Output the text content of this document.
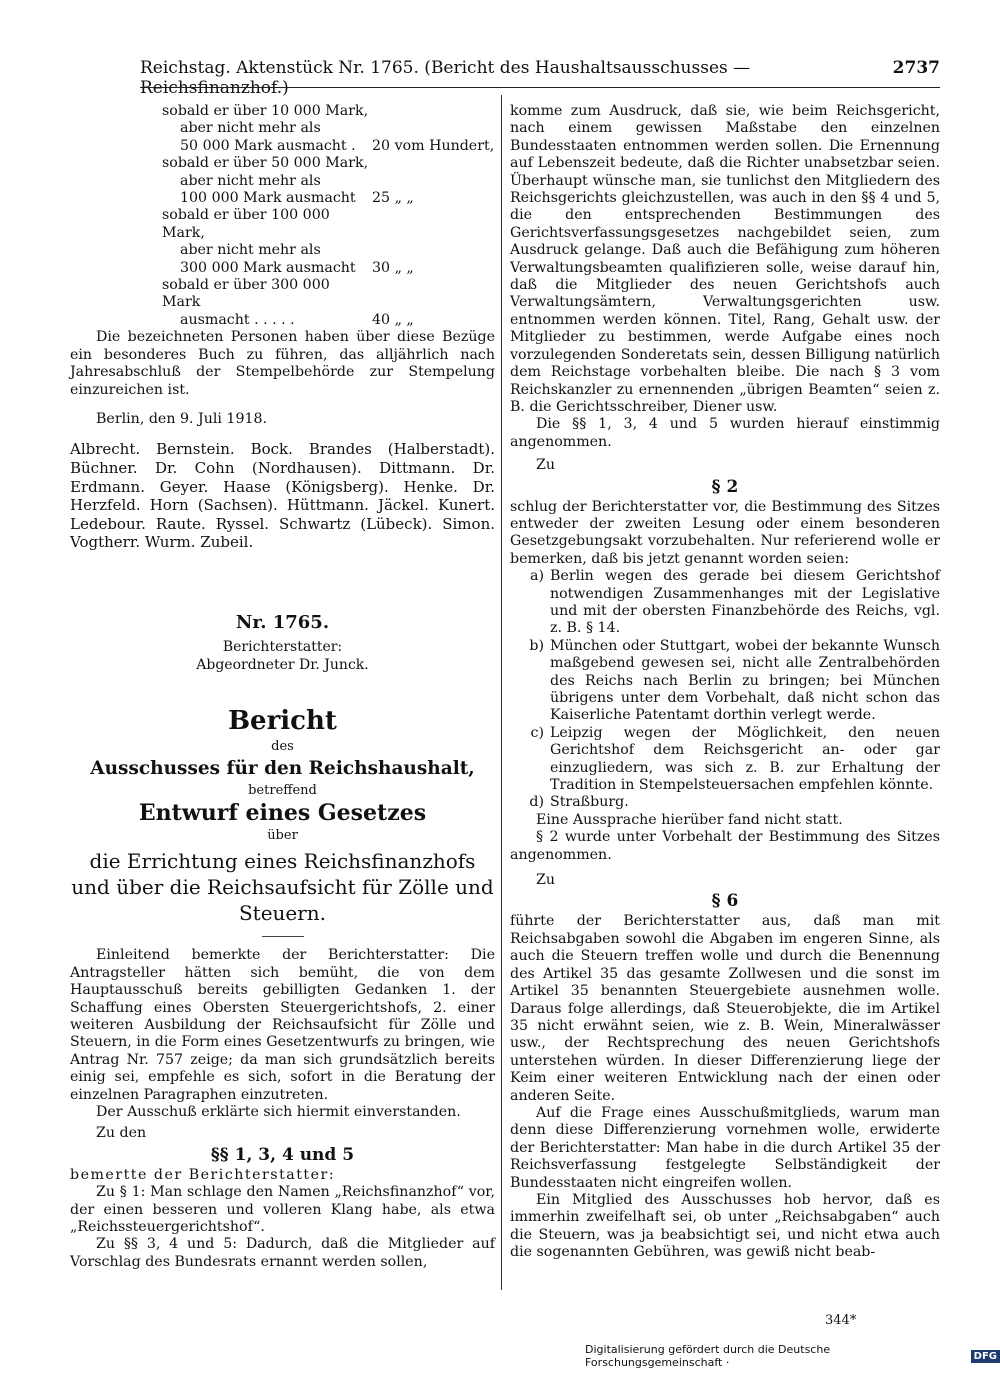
Reichstag. Aktenstück Nr. 1765. (Bericht des Haushaltsausschusses — Reichsfinanzhof.)
2737
sobald er über 10 000 Mark,
aber nicht mehr als
50 000 Mark ausmacht .	20 vom Hundert,
sobald er über 50 000 Mark,
aber nicht mehr als
100 000 Mark ausmacht	25 „ „
sobald er über 100 000 Mark,
aber nicht mehr als
300 000 Mark ausmacht	30 „ „
sobald er über 300 000 Mark
ausmacht . . . . .	40 „ „

Die bezeichneten Personen haben über diese Bezüge ein besonderes Buch zu führen, das alljährlich nach Jahresabschluß der Stempelbehörde zur Stempelung einzureichen ist.

Berlin, den 9. Juli 1918.

Albrecht. Bernstein. Bock. Brandes (Halberstadt). Büchner. Dr. Cohn (Nordhausen). Dittmann. Dr. Erdmann. Geyer. Haase (Königsberg). Henke. Dr. Herzfeld. Horn (Sachsen). Hüttmann. Jäckel. Kunert. Ledebour. Raute. Ryssel. Schwartz (Lübeck). Simon. Vogtherr. Wurm. Zubeil.

Nr. 1765.
Berichterstatter:
Abgeordneter Dr. Junck.
Bericht
des
Ausschusses für den Reichshaushalt,
betreffend
Entwurf eines Gesetzes
über
die Errichtung eines Reichsfinanzhofs und über die Reichsaufsicht für Zölle und Steuern.

Einleitend bemerkte der Berichterstatter: Die Antragsteller hätten sich bemüht, die von dem Hauptausschuß bereits gebilligten Gedanken 1. der Schaffung eines Obersten Steuergerichtshofs, 2. einer weiteren Ausbildung der Reichsaufsicht für Zölle und Steuern, in die Form eines Gesetzentwurfs zu bringen, wie Antrag Nr. 757 zeige; da man sich grundsätzlich bereits einig sei, empfehle es sich, sofort in die Beratung der einzelnen Paragraphen einzutreten.

Der Ausschuß erklärte sich hiermit einverstanden.

Zu den

§§ 1, 3, 4 und 5

bemertte der Berichterstatter:

Zu § 1: Man schlage den Namen „Reichsfinanzhof“ vor, der einen besseren und volleren Klang habe, als etwa „Reichssteuergerichtshof“.

Zu §§ 3, 4 und 5: Dadurch, daß die Mitglieder auf Vorschlag des Bundesrats ernannt werden sollen,

komme zum Ausdruck, daß sie, wie beim Reichsgericht, nach einem gewissen Maßstabe den einzelnen Bundesstaaten entnommen werden sollen. Die Ernennung auf Lebenszeit bedeute, daß die Richter unabsetzbar seien. Überhaupt wünsche man, sie tunlichst den Mitgliedern des Reichsgerichts gleichzustellen, was auch in den §§ 4 und 5, die den entsprechenden Bestimmungen des Gerichtsverfassungsgesetzes nachgebildet seien, zum Ausdruck gelange. Daß auch die Befähigung zum höheren Verwaltungsbeamten qualifizieren solle, weise darauf hin, daß die Mitglieder des neuen Gerichtshofs auch Verwaltungsämtern, Verwaltungsgerichten usw. entnommen werden können. Titel, Rang, Gehalt usw. der Mitglieder zu bestimmen, werde Aufgabe eines noch vorzulegenden Sonderetats sein, dessen Billigung natürlich dem Reichstage vorbehalten bleibe. Die nach § 3 vom Reichskanzler zu ernennenden „übrigen Beamten“ seien z. B. die Gerichtsschreiber, Diener usw.

Die §§ 1, 3, 4 und 5 wurden hierauf einstimmig angenommen.

Zu

§ 2

schlug der Berichterstatter vor, die Bestimmung des Sitzes entweder der zweiten Lesung oder einem besonderen Gesetzgebungsakt vorzubehalten. Nur referierend wolle er bemerken, daß bis jetzt genannt worden seien:

a) Berlin wegen des gerade bei diesem Gerichtshof notwendigen Zusammenhanges mit der Legislative und mit der obersten Finanzbehörde des Reichs, vgl. z. B. § 14.
b) München oder Stuttgart, wobei der bekannte Wunsch maßgebend gewesen sei, nicht alle Zentralbehörden des Reichs nach Berlin zu bringen; bei München übrigens unter dem Vorbehalt, daß nicht schon das Kaiserliche Patentamt dorthin verlegt werde.
c) Leipzig wegen der Möglichkeit, den neuen Gerichtshof dem Reichsgericht an- oder gar einzugliedern, was sich z. B. zur Erhaltung der Tradition in Stempelsteuersachen empfehlen könnte.
d) Straßburg.

Eine Aussprache hierüber fand nicht statt.

§ 2 wurde unter Vorbehalt der Bestimmung des Sitzes angenommen.

Zu

§ 6

führte der Berichterstatter aus, daß man mit Reichsabgaben sowohl die Abgaben im engeren Sinne, als auch die Steuern treffen wolle und durch die Benennung des Artikel 35 das gesamte Zollwesen und die sonst im Artikel 35 benannten Steuergebiete ausnehmen wolle. Daraus folge allerdings, daß Steuerobjekte, die im Artikel 35 nicht erwähnt seien, wie z. B. Wein, Mineralwässer usw., der Rechtsprechung des neuen Gerichtshofs unterstehen würden. In dieser Differenzierung liege der Keim einer weiteren Entwicklung nach der einen oder anderen Seite.

Auf die Frage eines Ausschußmitglieds, warum man denn diese Differenzierung vornehmen wolle, erwiderte der Berichterstatter: Man habe in die durch Artikel 35 der Reichsverfassung festgelegte Selbständigkeit der Bundesstaaten nicht eingreifen wollen.

Ein Mitglied des Ausschusses hob hervor, daß es immerhin zweifelhaft sei, ob unter „Reichsabgaben“ auch die Steuern, was ja beabsichtigt sei, und nicht etwa auch die sogenannten Gebühren, was gewiß nicht beab-

344*
Digitalisierung gefördert durch die Deutsche Forschungsgemeinschaft ·	DFG
